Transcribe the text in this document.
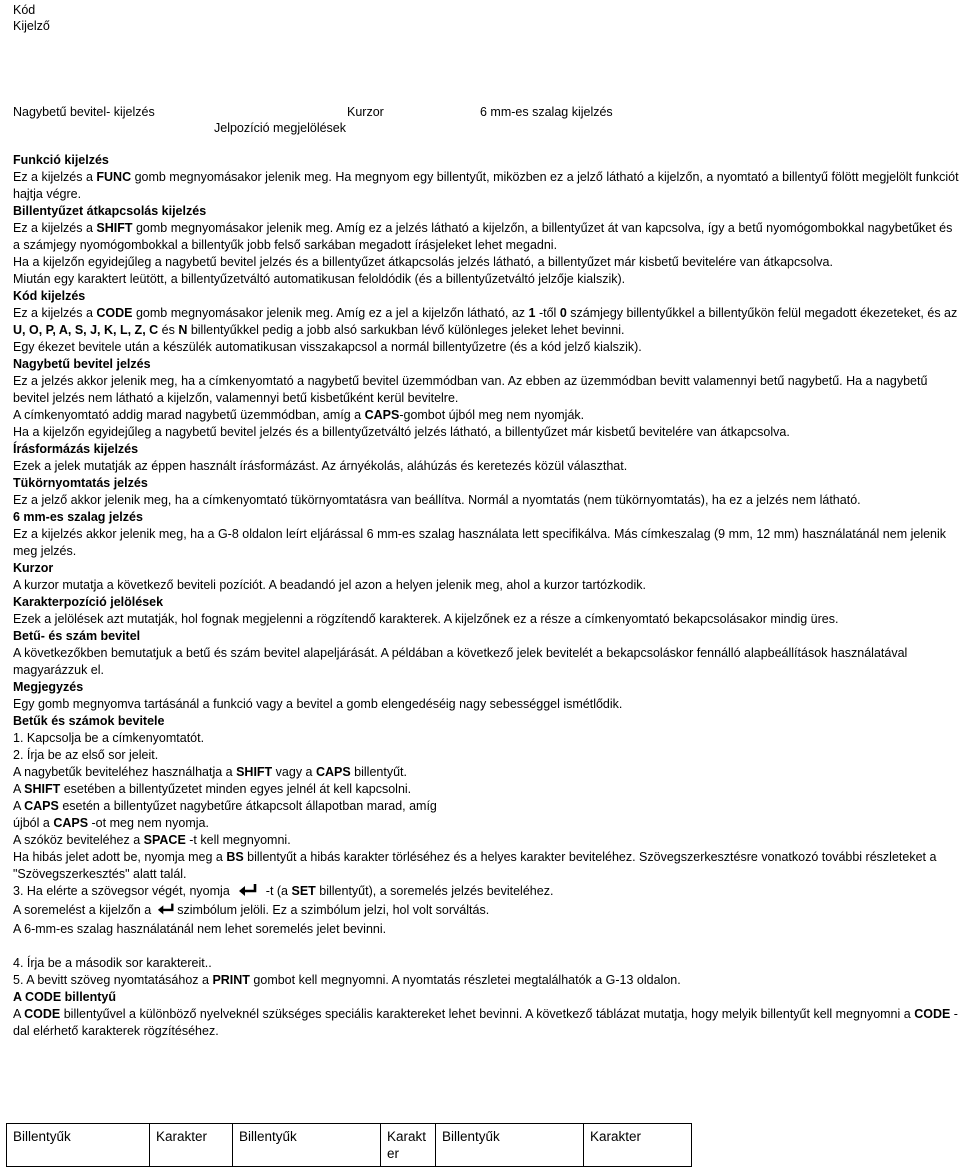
Kód
Kijelző
Nagybetű bevitel- kijelzés	Kurzor	6 mm-es szalag kijelzés
Jelpozíció megjelölések

Funkció kijelzés

Ez a kijelzés a FUNC gomb megnyomásakor jelenik meg. Ha megnyom egy billentyűt, miközben ez a jelző látható a kijelzőn, a nyomtató a billentyű fölött megjelölt funkciót hajtja végre.

Billentyűzet átkapcsolás kijelzés

Ez a kijelzés a SHIFT gomb megnyomásakor jelenik meg. Amíg ez a jelzés látható a kijelzőn, a billentyűzet át van kapcsolva, így a betű nyomógombokkal nagybetűket és a számjegy nyomógombokkal a billentyűk jobb felső sarkában megadott írásjeleket lehet megadni.

Ha a kijelzőn egyidejűleg a nagybetű bevitel jelzés és a billentyűzet átkapcsolás jelzés látható, a billentyűzet már kisbetű bevitelére van átkapcsolva.

Miután egy karaktert leütött, a billentyűzetváltó automatikusan feloldódik (és a billentyűzetváltó jelzője kialszik).

Kód kijelzés

Ez a kijelzés a CODE gomb megnyomásakor jelenik meg. Amíg ez a jel a kijelzőn látható, az 1 -től 0 számjegy billentyűkkel a billentyűkön felül megadott ékezeteket, és az U, O, P, A, S, J, K, L, Z, C és N billentyűkkel pedig a jobb alsó sarkukban lévő különleges jeleket lehet bevinni.

Egy ékezet bevitele után a készülék automatikusan visszakapcsol a normál billentyűzetre (és a kód jelző kialszik).

Nagybetű bevitel jelzés

Ez a jelzés akkor jelenik meg, ha a címkenyomtató a nagybetű bevitel üzemmódban van. Az ebben az üzemmódban bevitt valamennyi betű nagybetű. Ha a nagybetű bevitel jelzés nem látható a kijelzőn, valamennyi betű kisbetűként kerül bevitelre.

A címkenyomtató addig marad nagybetű üzemmódban, amíg a CAPS-gombot újból meg nem nyomják.

Ha a kijelzőn egyidejűleg a nagybetű bevitel jelzés és a billentyűzetváltó jelzés látható, a billentyűzet már kisbetű bevitelére van átkapcsolva.

Írásformázás kijelzés

Ezek a jelek mutatják az éppen használt írásformázást. Az árnyékolás, aláhúzás és keretezés közül választhat.

Tükörnyomtatás jelzés

Ez a jelző akkor jelenik meg, ha a címkenyomtató tükörnyomtatásra van beállítva. Normál a nyomtatás (nem tükörnyomtatás), ha ez a jelzés nem látható.

6 mm-es szalag jelzés

Ez a kijelzés akkor jelenik meg, ha a G-8 oldalon leírt eljárással 6 mm-es szalag használata lett specifikálva. Más címkeszalag (9 mm, 12 mm) használatánál nem jelenik meg jelzés.

Kurzor

A kurzor mutatja a következő beviteli pozíciót. A beadandó jel azon a helyen jelenik meg, ahol a kurzor tartózkodik.

Karakterpozíció jelölések

Ezek a jelölések azt mutatják, hol fognak megjelenni a rögzítendő karakterek. A kijelzőnek ez a része a címkenyomtató bekapcsolásakor mindig üres.

Betű- és szám bevitel

A következőkben bemutatjuk a betű és szám bevitel alapeljárását. A példában a következő jelek bevitelét a bekapcsoláskor fennálló alapbeállítások használatával magyarázzuk el.

Megjegyzés

Egy gomb megnyomva tartásánál a funkció vagy a bevitel a gomb elengedéséig nagy sebességgel ismétlődik.

Betűk és számok bevitele

1. Kapcsolja be a címkenyomtatót.

2. Írja be az első sor jeleit.

A nagybetűk beviteléhez használhatja a SHIFT vagy a CAPS billentyűt.

A SHIFT esetében a billentyűzetet minden egyes jelnél át kell kapcsolni.

A CAPS esetén a billentyűzet nagybetűre átkapcsolt állapotban marad, amíg

újból a CAPS -ot meg nem nyomja.

A szóköz beviteléhez a SPACE -t kell megnyomni.

Ha hibás jelet adott be, nyomja meg a BS billentyűt a hibás karakter törléséhez és a helyes karakter beviteléhez. Szövegszerkesztésre vonatkozó további részleteket a "Szövegszerkesztés" alatt talál.

3. Ha elérte a szövegsor végét, nyomja	-t (a SET billentyűt), a soremelés jelzés beviteléhez.

A soremelést a kijelzőn a szimbólum jelöli. Ez a szimbólum jelzi, hol volt sorváltás.

A 6-mm-es szalag használatánál nem lehet soremelés jelet bevinni.

4. Írja be a második sor karaktereit..

5. A bevitt szöveg nyomtatásához a PRINT gombot kell megnyomni. A nyomtatás részletei megtalálhatók a G-13 oldalon.

A CODE billentyű

A CODE billentyűvel a különböző nyelveknél szükséges speciális karaktereket lehet bevinni. A következő táblázat mutatja, hogy melyik billentyűt kell megnyomni a CODE -dal elérhető karakterek rögzítéséhez.

Billentyűk	Karakter	Billentyűk	Karakt er	Billentyűk	Karakter
